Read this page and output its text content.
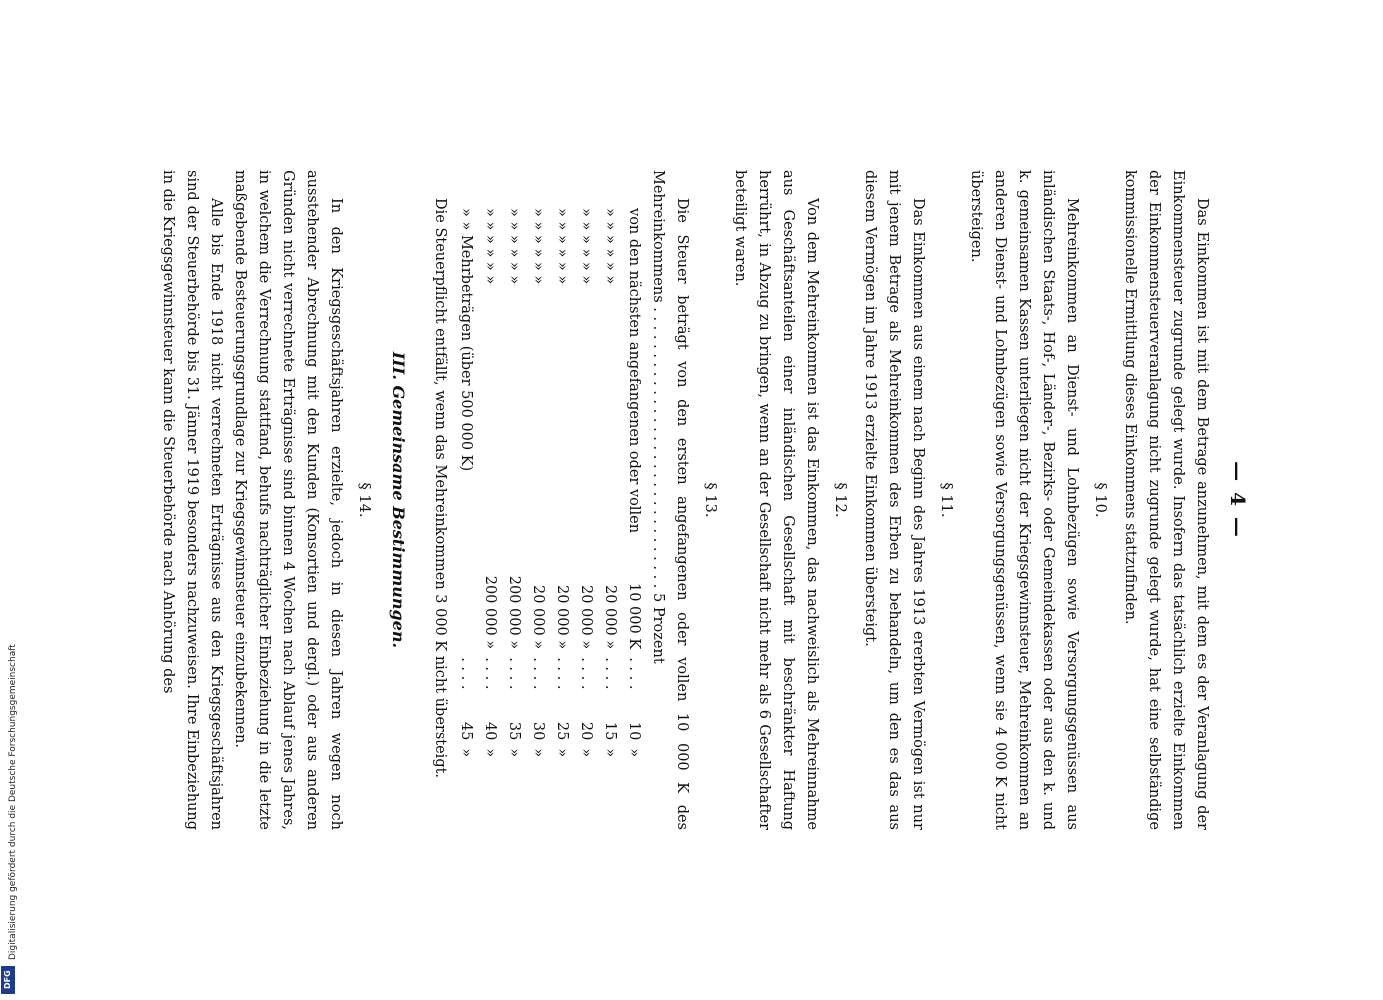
Digitalisierung gefördert durch die Deutsche Forschungsgemeinschaft
DFG
— 4 —

Das Einkommen ist mit dem Betrage anzunehmen, mit dem es der Veranlagung der Einkommensteuer zugrunde gelegt wurde. Insofern das tatsächlich erzielte Einkommen der Einkommensteuerveranlagung nicht zugrunde gelegt wurde, hat eine selbständige kommissionelle Ermittlung dieses Einkommens stattzufinden.

§ 10.

Mehreinkommen an Dienst- und Lohnbezügen sowie Versorgungsgenüssen aus inländischen Staats-, Hof-, Länder-, Bezirks- oder Gemeindekassen oder aus den k. und k. gemeinsamen Kassen unterliegen nicht der Kriegsgewinnsteuer, Mehreinkommen an anderen Dienst- und Lohnbezügen sowie Versorgungsgenüssen, wenn sie 4 000 K nicht übersteigen.

§ 11.

Das Einkommen aus einem nach Beginn des Jahres 1913 ererbten Vermögen ist nur mit jenem Betrage als Mehreinkommen des Erben zu behandeln, um den es das aus diesem Vermögen im Jahre 1913 erzielte Einkommen übersteigt.

§ 12.

Von dem Mehreinkommen ist das Einkommen, das nachweislich als Mehreinnahme aus Geschäftsanteilen einer inländischen Gesellschaft mit beschränkter Haftung herrührt, in Abzug zu bringen, wenn an der Gesellschaft nicht mehr als 6 Gesellschafter beteiligt waren.

§ 13.

Die Steuer beträgt von den ersten angefangenen oder vollen 10 000 K des Mehreinkommens . . . . . . . . . . . . . . . . . . . . . . . . . . . . . . . 5 Prozent

von den nächsten angefangenen oder vollen	10 000 K	. . . .	10	»
» » » » » »	20 000 »	. . . .	15	»
» » » » » »	20 000 »	. . . .	20	»
» » » » » »	20 000 »	. . . .	25	»
» » » » » »	20 000 »	. . . .	30	»
» » » » » »	200 000 »	. . . .	35	»
» » » » » »	200 000 »	. . . .	40	»
» » Mehrbeträgen (über 500 000 K)		. . . .	45	»

Die Steuerpflicht entfällt, wenn das Mehreinkommen 3 000 K nicht übersteigt.

III. Gemeinsame Bestimmungen.
§ 14.

In den Kriegsgeschäftsjahren erzielte, jedoch in diesen Jahren wegen noch ausstehender Abrechnung mit den Kunden (Konsortien und dergl.) oder aus anderen Gründen nicht verrechnete Erträgnisse sind binnen 4 Wochen nach Ablauf jenes Jahres, in welchem die Verrechnung stattfand, behufs nachträglicher Einbeziehung in die letzte maßgebende Besteuerungsgrundlage zur Kriegsgewinnsteuer einzubekennen.

Alle bis Ende 1918 nicht verrechneten Erträgnisse aus den Kriegsgeschäftsjahren sind der Steuerbehörde bis 31. Jänner 1919 besonders nachzuweisen. Ihre Einbeziehung in die Kriegsgewinnsteuer kann die Steuerbehörde nach Anhörung des
